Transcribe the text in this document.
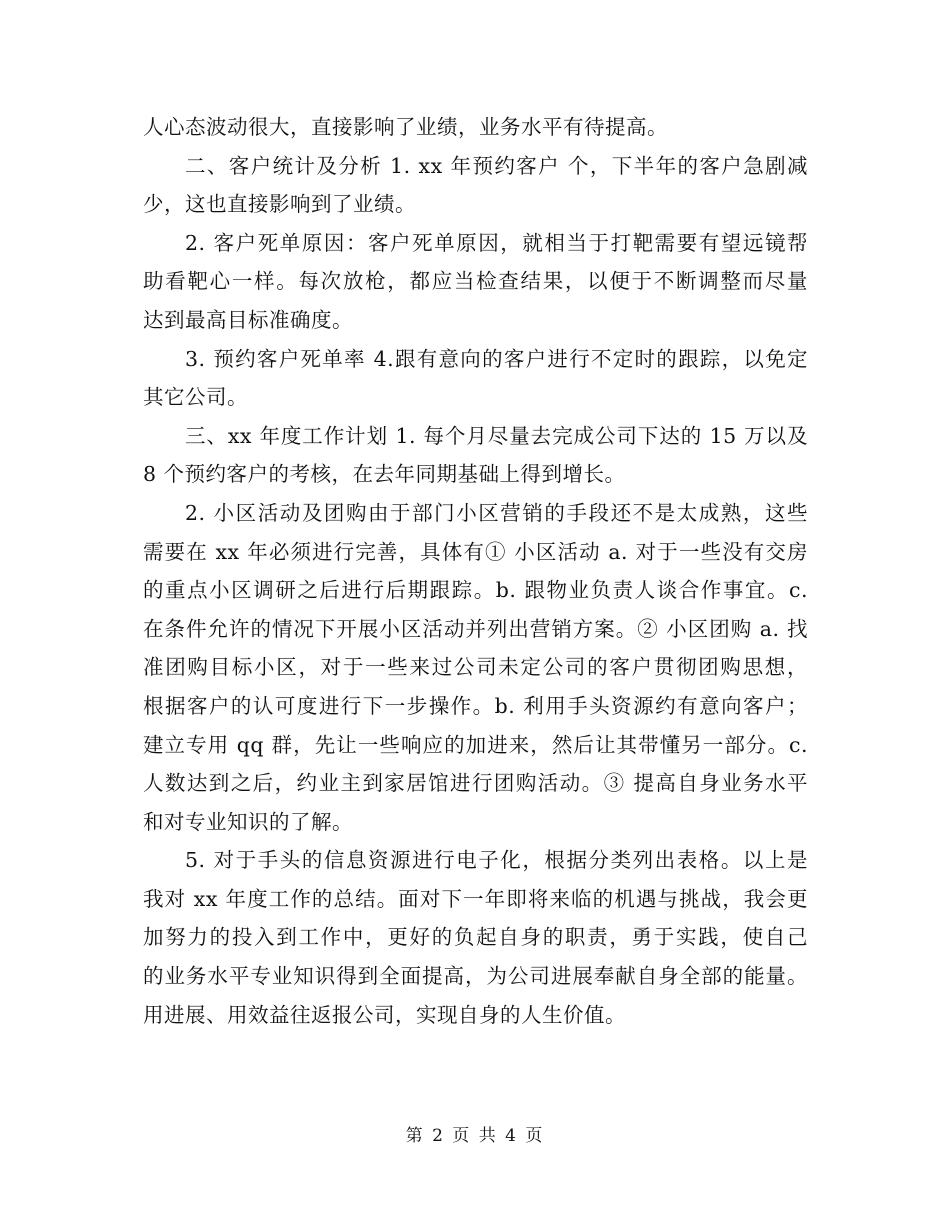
人心态波动很大，直接影响了业绩，业务水平有待提高。
二、客户统计及分析 1. xx 年预约客户 个，下半年的客户急剧减
少，这也直接影响到了业绩。
2. 客户死单原因：客户死单原因，就相当于打靶需要有望远镜帮
助看靶心一样。每次放枪，都应当检查结果，以便于不断调整而尽量
达到最高目标准确度。
3. 预约客户死单率 4.跟有意向的客户进行不定时的跟踪，以免定
其它公司。
三、xx 年度工作计划 1. 每个月尽量去完成公司下达的 15 万以及
8 个预约客户的考核，在去年同期基础上得到增长。
2. 小区活动及团购由于部门小区营销的手段还不是太成熟，这些
需要在 xx 年必须进行完善，具体有① 小区活动 a. 对于一些没有交房
的重点小区调研之后进行后期跟踪。b. 跟物业负责人谈合作事宜。c.
在条件允许的情况下开展小区活动并列出营销方案。② 小区团购 a. 找
准团购目标小区，对于一些来过公司未定公司的客户贯彻团购思想，
根据客户的认可度进行下一步操作。b. 利用手头资源约有意向客户；
建立专用 qq 群，先让一些响应的加进来，然后让其带懂另一部分。c.
人数达到之后，约业主到家居馆进行团购活动。③ 提高自身业务水平
和对专业知识的了解。
5. 对于手头的信息资源进行电子化，根据分类列出表格。以上是
我对 xx 年度工作的总结。面对下一年即将来临的机遇与挑战，我会更
加努力的投入到工作中，更好的负起自身的职责，勇于实践，使自己
的业务水平专业知识得到全面提高，为公司进展奉献自身全部的能量。
用进展、用效益往返报公司，实现自身的人生价值。
第 2 页 共 4 页
